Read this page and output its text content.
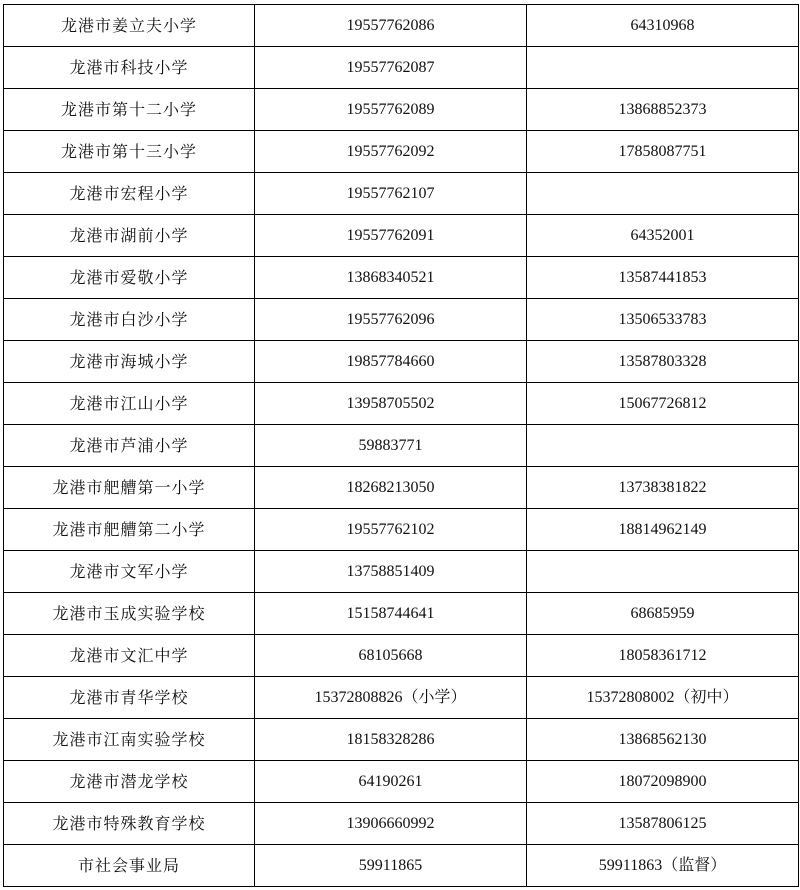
龙港市姜立夫小学	19557762086	64310968
龙港市科技小学	19557762087	
龙港市第十二小学	19557762089	13868852373
龙港市第十三小学	19557762092	17858087751
龙港市宏程小学	19557762107	
龙港市湖前小学	19557762091	64352001
龙港市爱敬小学	13868340521	13587441853
龙港市白沙小学	19557762096	13506533783
龙港市海城小学	19857784660	13587803328
龙港市江山小学	13958705502	15067726812
龙港市芦浦小学	59883771	
龙港市舥艚第一小学	18268213050	13738381822
龙港市舥艚第二小学	19557762102	18814962149
龙港市文军小学	13758851409	
龙港市玉成实验学校	15158744641	68685959
龙港市文汇中学	68105668	18058361712
龙港市青华学校	15372808826（小学）	15372808002（初中）
龙港市江南实验学校	18158328286	13868562130
龙港市潜龙学校	64190261	18072098900
龙港市特殊教育学校	13906660992	13587806125
市社会事业局	59911865	59911863（监督）
